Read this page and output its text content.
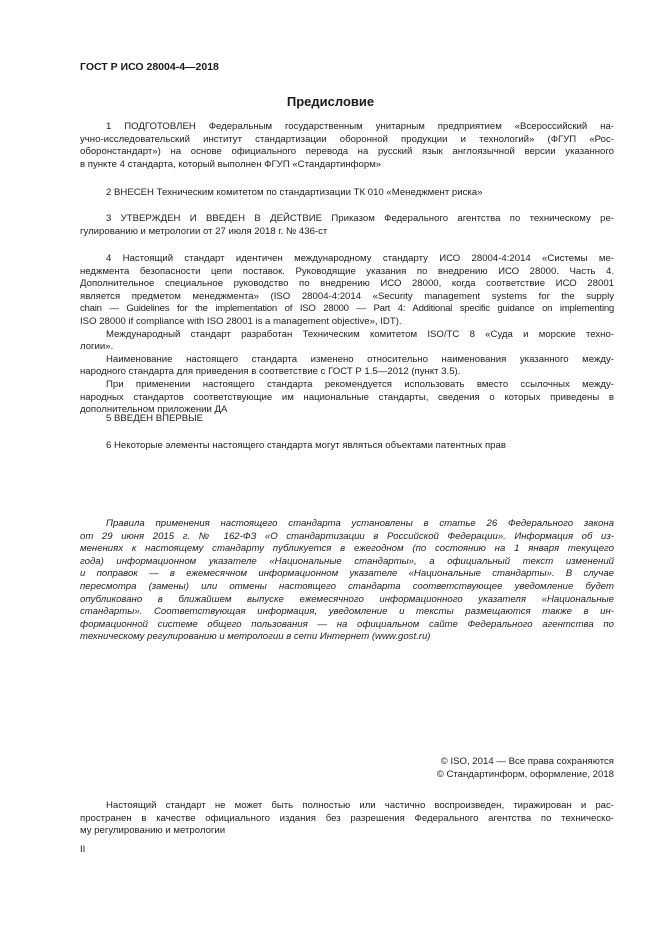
ГОСТ Р ИСО 28004-4—2018
Предисловие
1 ПОДГОТОВЛЕН Федеральным государственным унитарным предприятием «Всероссийский на-
учно-исследовательский институт стандартизации оборонной продукции и технологий» (ФГУП «Рос-
оборонстандарт») на основе официального перевода на русский язык англоязычной версии указанного
в пункте 4 стандарта, который выполнен ФГУП «Стандартинформ»
2 ВНЕСЕН Техническим комитетом по стандартизации ТК 010 «Менеджмент риска»
3 УТВЕРЖДЕН И ВВЕДЕН В ДЕЙСТВИЕ Приказом Федерального агентства по техническому ре-
гулированию и метрологии от 27 июля 2018 г. № 436-ст
4 Настоящий стандарт идентичен международному стандарту ИСО 28004-4:2014 «Системы ме-
неджмента безопасности цепи поставок. Руководящие указания по внедрению ИСО 28000. Часть 4.
Дополнительное специальное руководство по внедрению ИСО 28000, когда соответствие ИСО 28001
является предметом менеджмента» (ISO 28004-4:2014 «Security management systems for the supply
chain — Guidelines for the implementation of ISO 28000 — Part 4: Additional specific guidance on implementing
ISO 28000 if compliance with ISO 28001 is a management objective», IDT).
Международный стандарт разработан Техническим комитетом ISO/TC 8 «Суда и морские техно-
логии».
Наименование настоящего стандарта изменено относительно наименования указанного между-
народного стандарта для приведения в соответствие с ГОСТ Р 1.5—2012 (пункт 3.5).
При применении настоящего стандарта рекомендуется использовать вместо ссылочных между-
народных стандартов соответствующие им национальные стандарты, сведения о которых приведены в
дополнительном приложении ДА
5 ВВЕДЕН ВПЕРВЫЕ
6 Некоторые элементы настоящего стандарта могут являться объектами патентных прав
Правила применения настоящего стандарта установлены в статье 26 Федерального закона
от 29 июня 2015 г. № 162-ФЗ «О стандартизации в Российской Федерации». Информация об из-
менениях к настоящему стандарту публикуется в ежегодном (по состоянию на 1 января текущего
года) информационном указателе «Национальные стандарты», а официальный текст изменений
и поправок — в ежемесячном информационном указателе «Национальные стандарты». В случае
пересмотра (замены) или отмены настоящего стандарта соответствующее уведомление будет
опубликовано в ближайшем выпуске ежемесячного информационного указателя «Национальные
стандарты». Соответствующая информация, уведомление и тексты размещаются также в ин-
формационной системе общего пользования — на официальном сайте Федерального агентства по
техническому регулированию и метрологии в сети Интернет (www.gost.ru)
© ISO, 2014 — Все права сохраняются
© Стандартинформ, оформление, 2018
Настоящий стандарт не может быть полностью или частично воспроизведен, тиражирован и рас-
пространен в качестве официального издания без разрешения Федерального агентства по техническо-
му регулированию и метрологии
II
